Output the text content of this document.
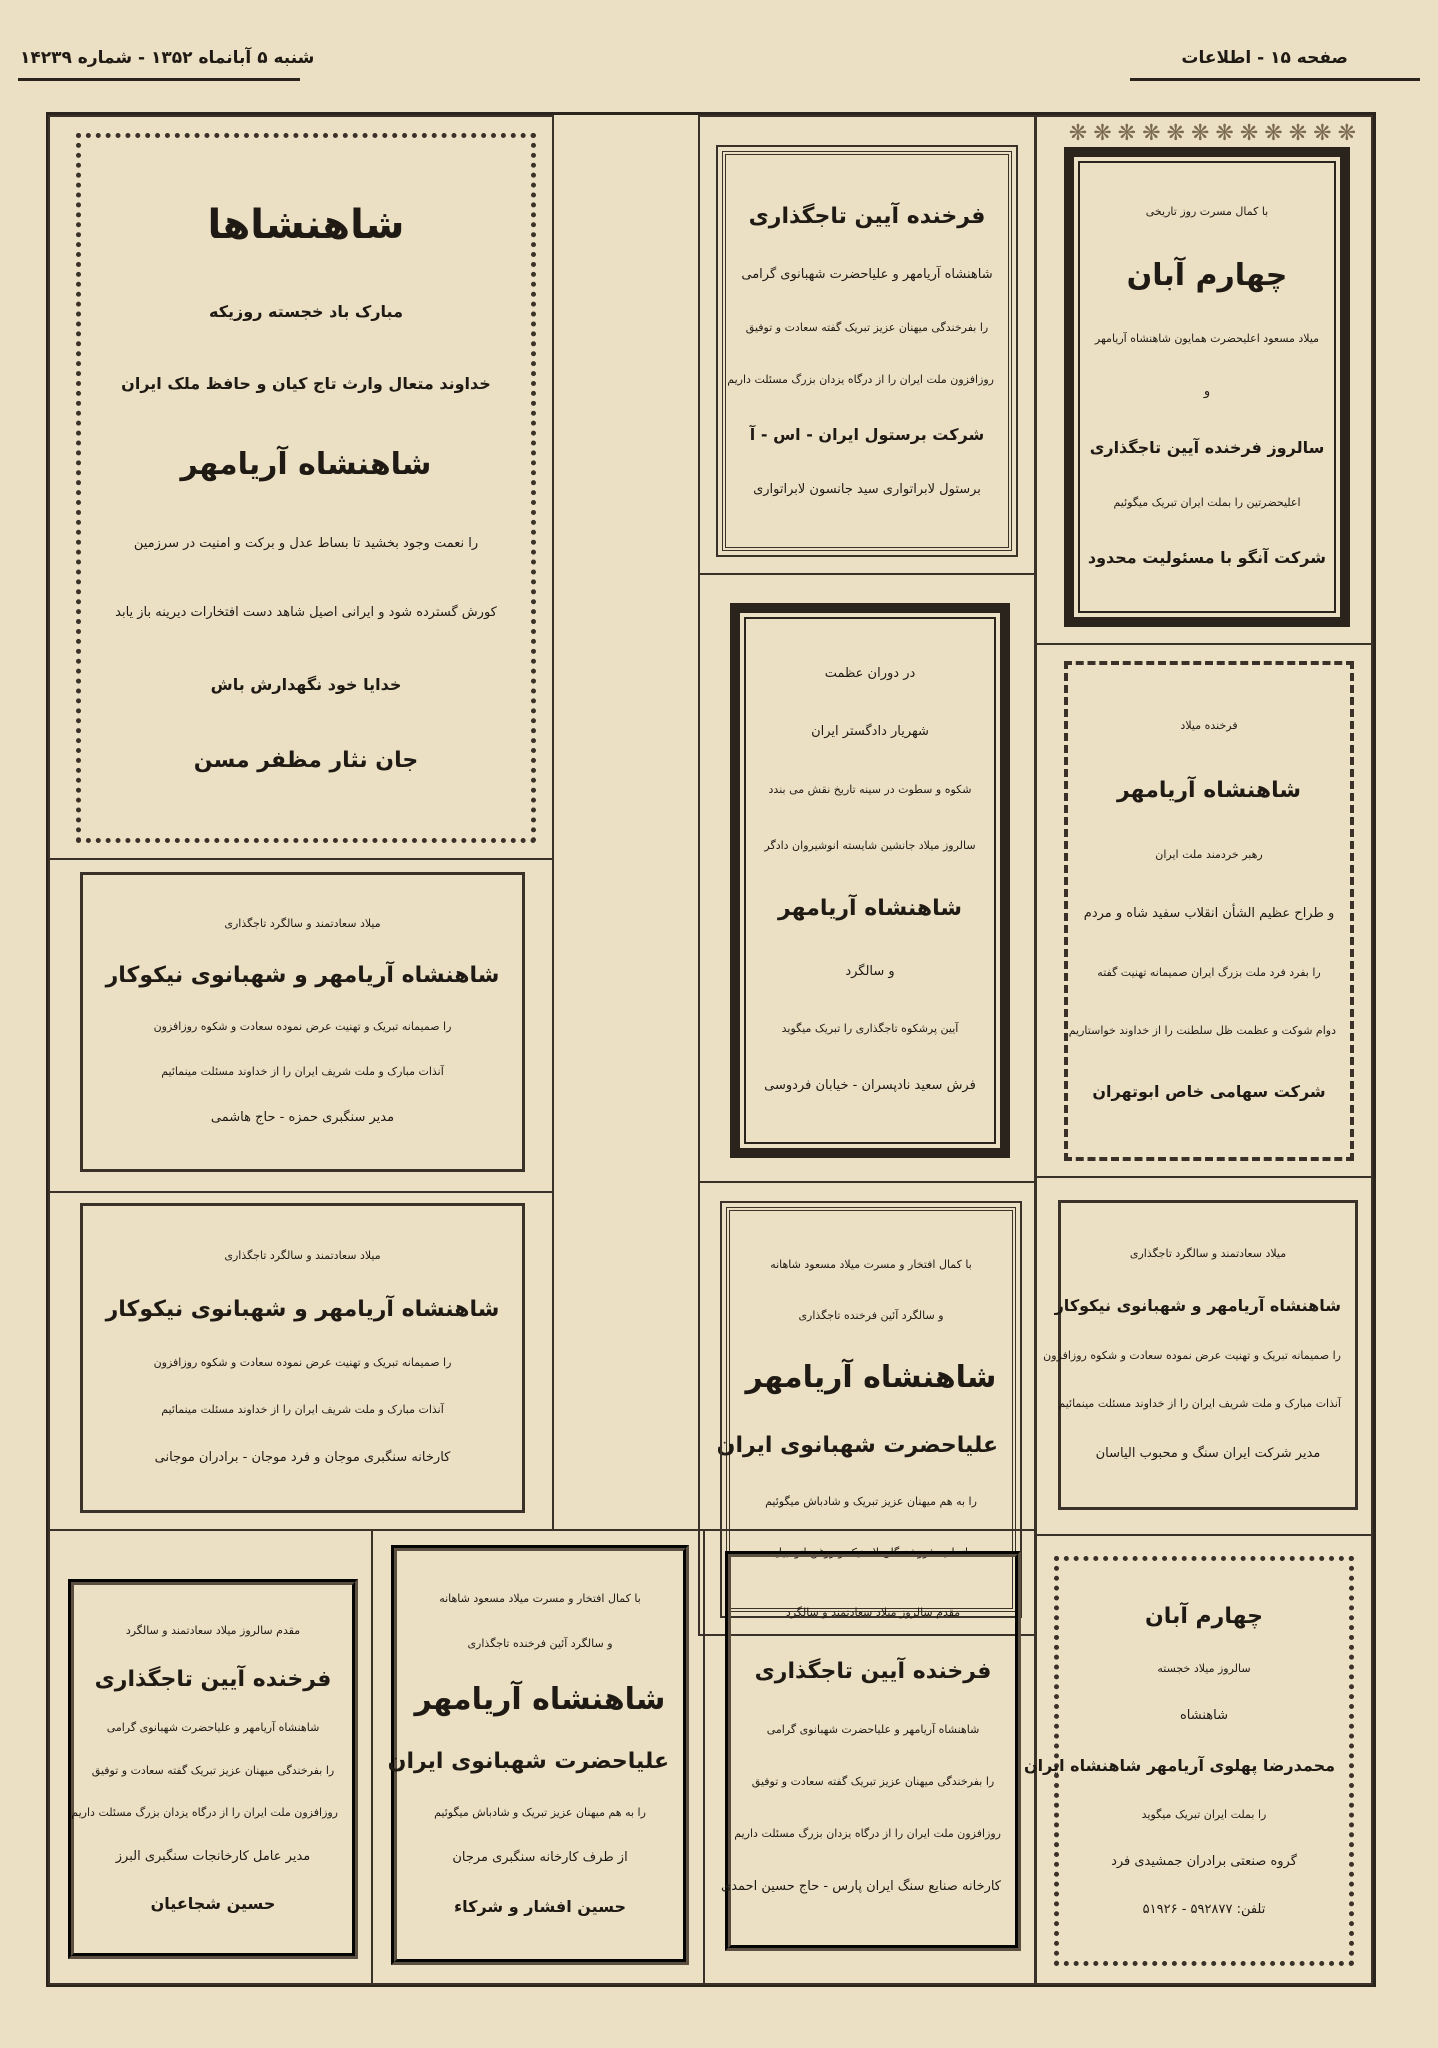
شنبه ۵ آبانماه ۱۳۵۲ - شماره ۱۴۲۳۹	صفحه ۱۵ - اطلاعات
شاهنشاها
مبارک باد خجسته روزیکه
خداوند متعال وارث تاج کیان و حافظ ملک ایران
شاهنشاه آریامهر
را نعمت وجود بخشید تا بساط عدل و برکت و امنیت در سرزمین
کورش گسترده شود و ایرانی اصیل شاهد دست افتخارات دیرینه باز یابد
خدایا خود نگهدارش باش
جان نثار مظفر مسن
فرخنده آیین تاجگذاری
شاهنشاه آریامهر و علیاحضرت شهبانوی گرامی
را بفرخندگی میهنان عزیز تبریک گفته سعادت و توفیق
روزافزون ملت ایران را از درگاه یزدان بزرگ مسئلت داریم
شرکت برستول ایران - اس - آ
برستول لابراتواری سید جانسون لابراتواری
❋❋❋❋❋❋❋❋❋❋❋❋
با کمال مسرت روز تاریخی
چهارم آبان
میلاد مسعود اعلیحضرت همایون شاهنشاه آریامهر
و
سالروز فرخنده آیین تاجگذاری
اعلیحضرتین را بملت ایران تبریک میگوئیم
شرکت آنگو با مسئولیت محدود
در دوران عظمت
شهریار دادگستر ایران
شکوه و سطوت در سینه تاریخ نقش می بندد
سالروز میلاد جانشین شایسته انوشیروان دادگر
شاهنشاه آریامهر
و سالگرد
آیین پرشکوه تاجگذاری را تبریک میگوید
فرش سعید نادپسران - خیابان فردوسی
فرخنده میلاد
شاهنشاه آریامهر
رهبر خردمند ملت ایران
و طراح عظیم الشأن انقلاب سفید شاه و مردم
را بفرد فرد ملت بزرگ ایران صمیمانه تهنیت گفته
دوام شوکت و عظمت ظل سلطنت را از خداوند خواستاریم
شرکت سهامی خاص ابوتهران
میلاد سعادتمند و سالگرد تاجگذاری
شاهنشاه آریامهر و شهبانوی نیکوکار
را صمیمانه تبریک و تهنیت عرض نموده سعادت و شکوه روزافزون
آنذات مبارک و ملت شریف ایران را از خداوند مسئلت مینمائیم
مدیر سنگبری حمزه - حاج هاشمی
با کمال افتخار و مسرت میلاد مسعود شاهانه
و سالگرد آئین فرخنده تاجگذاری
شاهنشاه آریامهر
علیاحضرت شهبانوی ایران
را به هم میهنان عزیز تبریک و شادباش میگوئیم
اتحادیه فروشندگان لاستیک و روغن اتومبیل
میلاد سعادتمند و سالگرد تاجگذاری
شاهنشاه آریامهر و شهبانوی نیکوکار
را صمیمانه تبریک و تهنیت عرض نموده سعادت و شکوه روزافزون
آنذات مبارک و ملت شریف ایران را از خداوند مسئلت مینمائیم
کارخانه سنگبری موجان و فرد موجان - برادران موجانی
میلاد سعادتمند و سالگرد تاجگذاری
شاهنشاه آریامهر و شهبانوی نیکوکار
را صمیمانه تبریک و تهنیت عرض نموده سعادت و شکوه روزافزون
آنذات مبارک و ملت شریف ایران را از خداوند مسئلت مینمائیم
مدیر شرکت ایران سنگ و محبوب الیاسان
مقدم سالروز میلاد سعادتمند و سالگرد
فرخنده آیین تاجگذاری
شاهنشاه آریامهر و علیاحضرت شهبانوی گرامی
را بفرخندگی میهنان عزیز تبریک گفته سعادت و توفیق
روزافزون ملت ایران را از درگاه یزدان بزرگ مسئلت داریم
مدیر عامل کارخانجات سنگبری البرز
حسین شجاعیان
با کمال افتخار و مسرت میلاد مسعود شاهانه
و سالگرد آئین فرخنده تاجگذاری
شاهنشاه آریامهر
علیاحضرت شهبانوی ایران
را به هم میهنان عزیز تبریک و شادباش میگوئیم
از طرف کارخانه سنگبری مرجان
حسین افشار و شرکاء
مقدم سالروز میلاد سعادتمند و سالگرد
فرخنده آیین تاجگذاری
شاهنشاه آریامهر و علیاحضرت شهبانوی گرامی
را بفرخندگی میهنان عزیز تبریک گفته سعادت و توفیق
روزافزون ملت ایران را از درگاه یزدان بزرگ مسئلت داریم
کارخانه صنایع سنگ ایران پارس - حاج حسین احمدی
چهارم آبان
سالروز میلاد خجسته
شاهنشاه
محمدرضا پهلوی آریامهر شاهنشاه ایران
را بملت ایران تبریک میگوید
گروه صنعتی برادران جمشیدی فرد
تلفن: ۵۹۲۸۷۷ - ۵۱۹۲۶
